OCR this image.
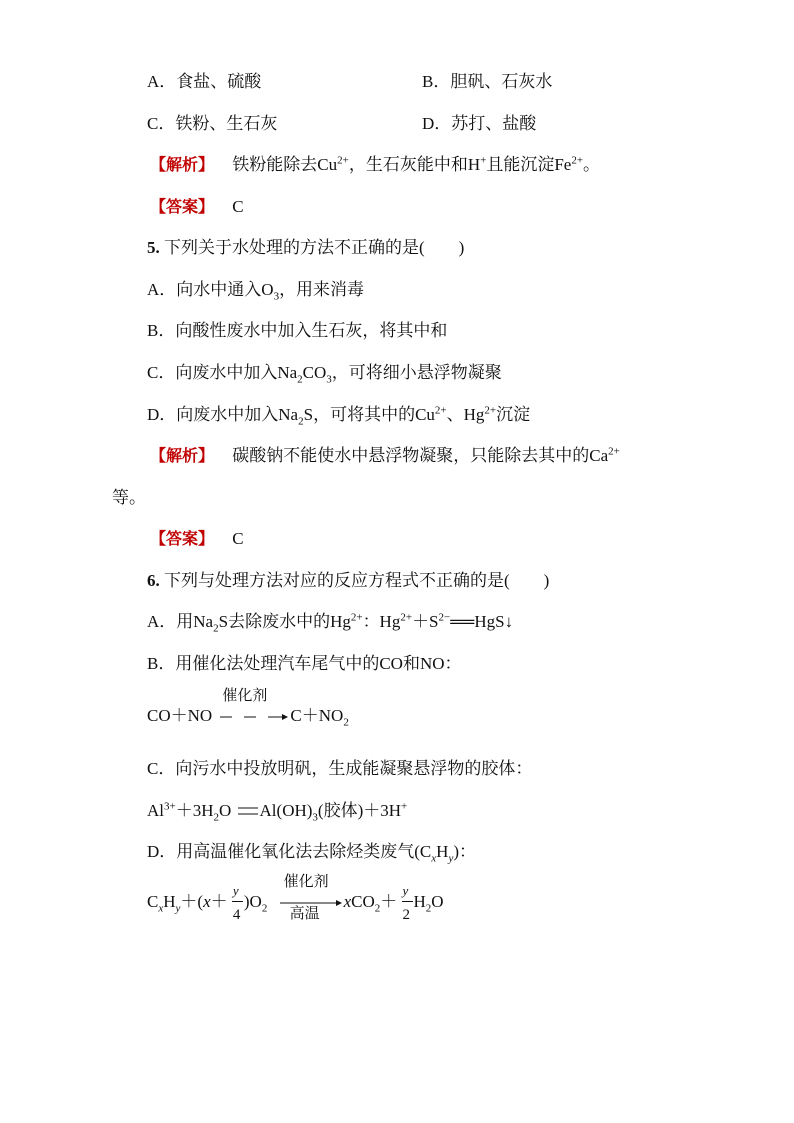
A．食盐、硫酸	B．胆矾、石灰水
C．铁粉、生石灰	D．苏打、盐酸
【解析】 铁粉能除去$Cu^{2+}$，生石灰能中和H+且能沉淀$Fe^{2+}$。
【答案】 C
5. 下列关于水处理的方法不正确的是(　　)
A．向水中通入$O_3$，用来消毒
B．向酸性废水中加入生石灰，将其中和
C．向废水中加入$Na_2CO_3$，可将细小悬浮物凝聚
D．向废水中加入$Na_2S$，可将其中的$Cu^{2+}$、$Hg^{2+}$沉淀
【解析】 碳酸钠不能使水中悬浮物凝聚，只能除去其中的$Ca^{2+}$
等。
【答案】 C
6. 下列与处理方法对应的反应方程式不正确的是(　　)
A．用$Na_2S$去除废水中的$Hg^{2+}$：$Hg^{2+}+S^{2-}══HgS↓$
B．用催化法处理汽车尾气中的CO和NO：
CO＋NO
催化剂
$C+NO_2$
C．向污水中投放明矾，生成能凝聚悬浮物的胶体：
$Al^{3+}+3H_2O$ $Al(OH)_3$(胶体)＋3H+
D．用高温催化氧化法去除烃类废气$(C_xH_y)$：
$C_xH_y+(x+ \frac{y}{4} )O_2$
催化剂
高温
$xCO_2+ \frac{y}{2} H_2O$
